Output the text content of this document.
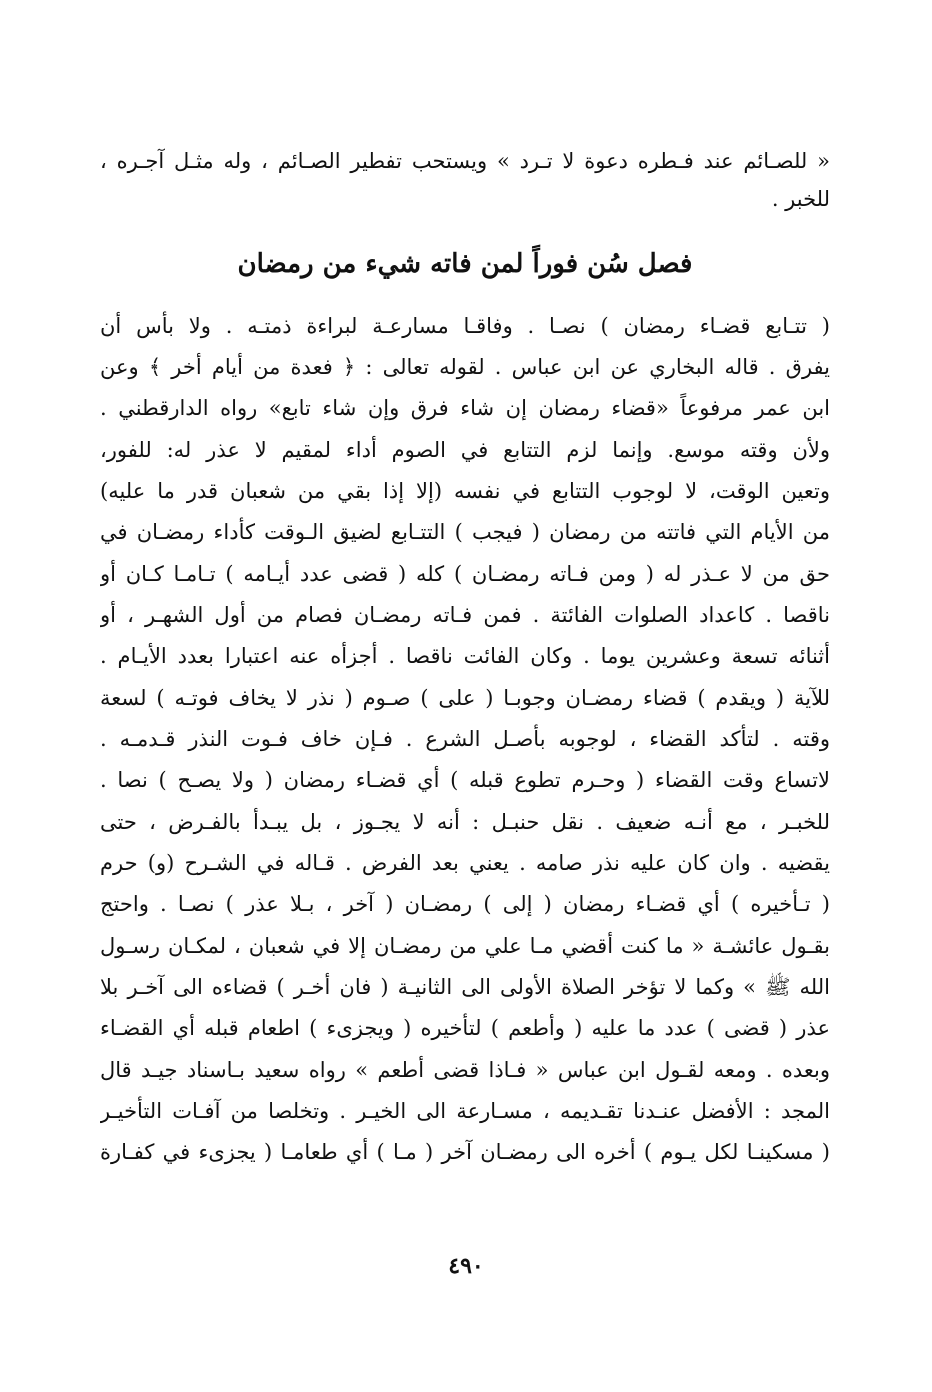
« للصـائم عند فـطره دعوة لا تـرد » ويستحب تفطير الصـائم ، وله مثـل آجـره ،
للخبر .
فصل سُن فوراً لمن فاته شيء من رمضان
( تتـابع قضـاء رمضان ) نصـا . وفاقـا مسارعـة لبراءة ذمتـه . ولا بأس أن
يفرق . قاله البخاري عن ابن عباس . لقوله تعالى : ﴿ فعدة من أيام أخر ﴾ وعن
ابن عمر مرفوعاً «قضاء رمضان إن شاء فرق وإن شاء تابع» رواه الدارقطني .
ولأن وقته موسع. وإنما لزم التتابع في الصوم أداء لمقيم لا عذر له: للفور،
وتعين الوقت، لا لوجوب التتابع في نفسه (إلا إذا بقي من شعبان قدر ما عليه)
من الأيام التي فاتته من رمضان ( فيجب ) التتـابع لضيق الـوقت كأداء رمضـان في
حق من لا عـذر له ( ومن فـاته رمضـان ) كله ( قضى عدد أيـامه ) تـامـا كـان أو
ناقصا . كاعداد الصلوات الفائتة . فمن فـاته رمضـان فصام من أول الشهـر ، أو
أثنائه تسعة وعشرين يوما . وكان الفائت ناقصا . أجزأه عنه اعتبارا بعدد الأيـام .
للآية ( ويقدم ) قضاء رمضـان وجوبـا ( على ) صـوم ( نذر لا يخاف فوتـه ) لسعة
وقته . لتأكد القضاء ، لوجوبه بأصـل الشرع . فـإن خاف فـوت النذر قـدمـه .
لاتساع وقت القضاء ( وحـرم تطوع قبله ) أي قضـاء رمضان ( ولا يصـح ) نصا .
للخبـر ، مع أنـه ضعيف . نقل حنبـل : أنه لا يجـوز ، بل يبـدأ بالفـرض ، حتى
يقضيه . وان كان عليه نذر صامه . يعني بعد الفرض . قـاله في الشـرح (و) حرم
( تـأخيره ) أي قضـاء رمضان ( إلى ) رمضـان ( آخر ، بـلا عذر ) نصـا . واحتج
بقـول عائشـة « ما كنت أقضي مـا علي من رمضـان إلا في شعبان ، لمكـان رسـول
الله ﷺ » وكما لا تؤخر الصلاة الأولى الى الثانيـة ( فان أخـر ) قضاءه الى آخـر بلا
عذر ( قضى ) عدد ما عليه ( وأطعم ) لتأخيره ( ويجزىء ) اطعام قبله أي القضـاء
وبعده . ومعه لقـول ابن عباس « فـاذا قضى أطعم » رواه سعيد بـاسناد جيـد قال
المجد : الأفضل عنـدنا تقـديمه ، مسـارعة الى الخيـر . وتخلصا من آفـات التأخيـر
( مسكينـا لكل يـوم ) أخره الى رمضـان آخر ( مـا ) أي طعامـا ( يجزىء في كفـارة
٤٩٠
